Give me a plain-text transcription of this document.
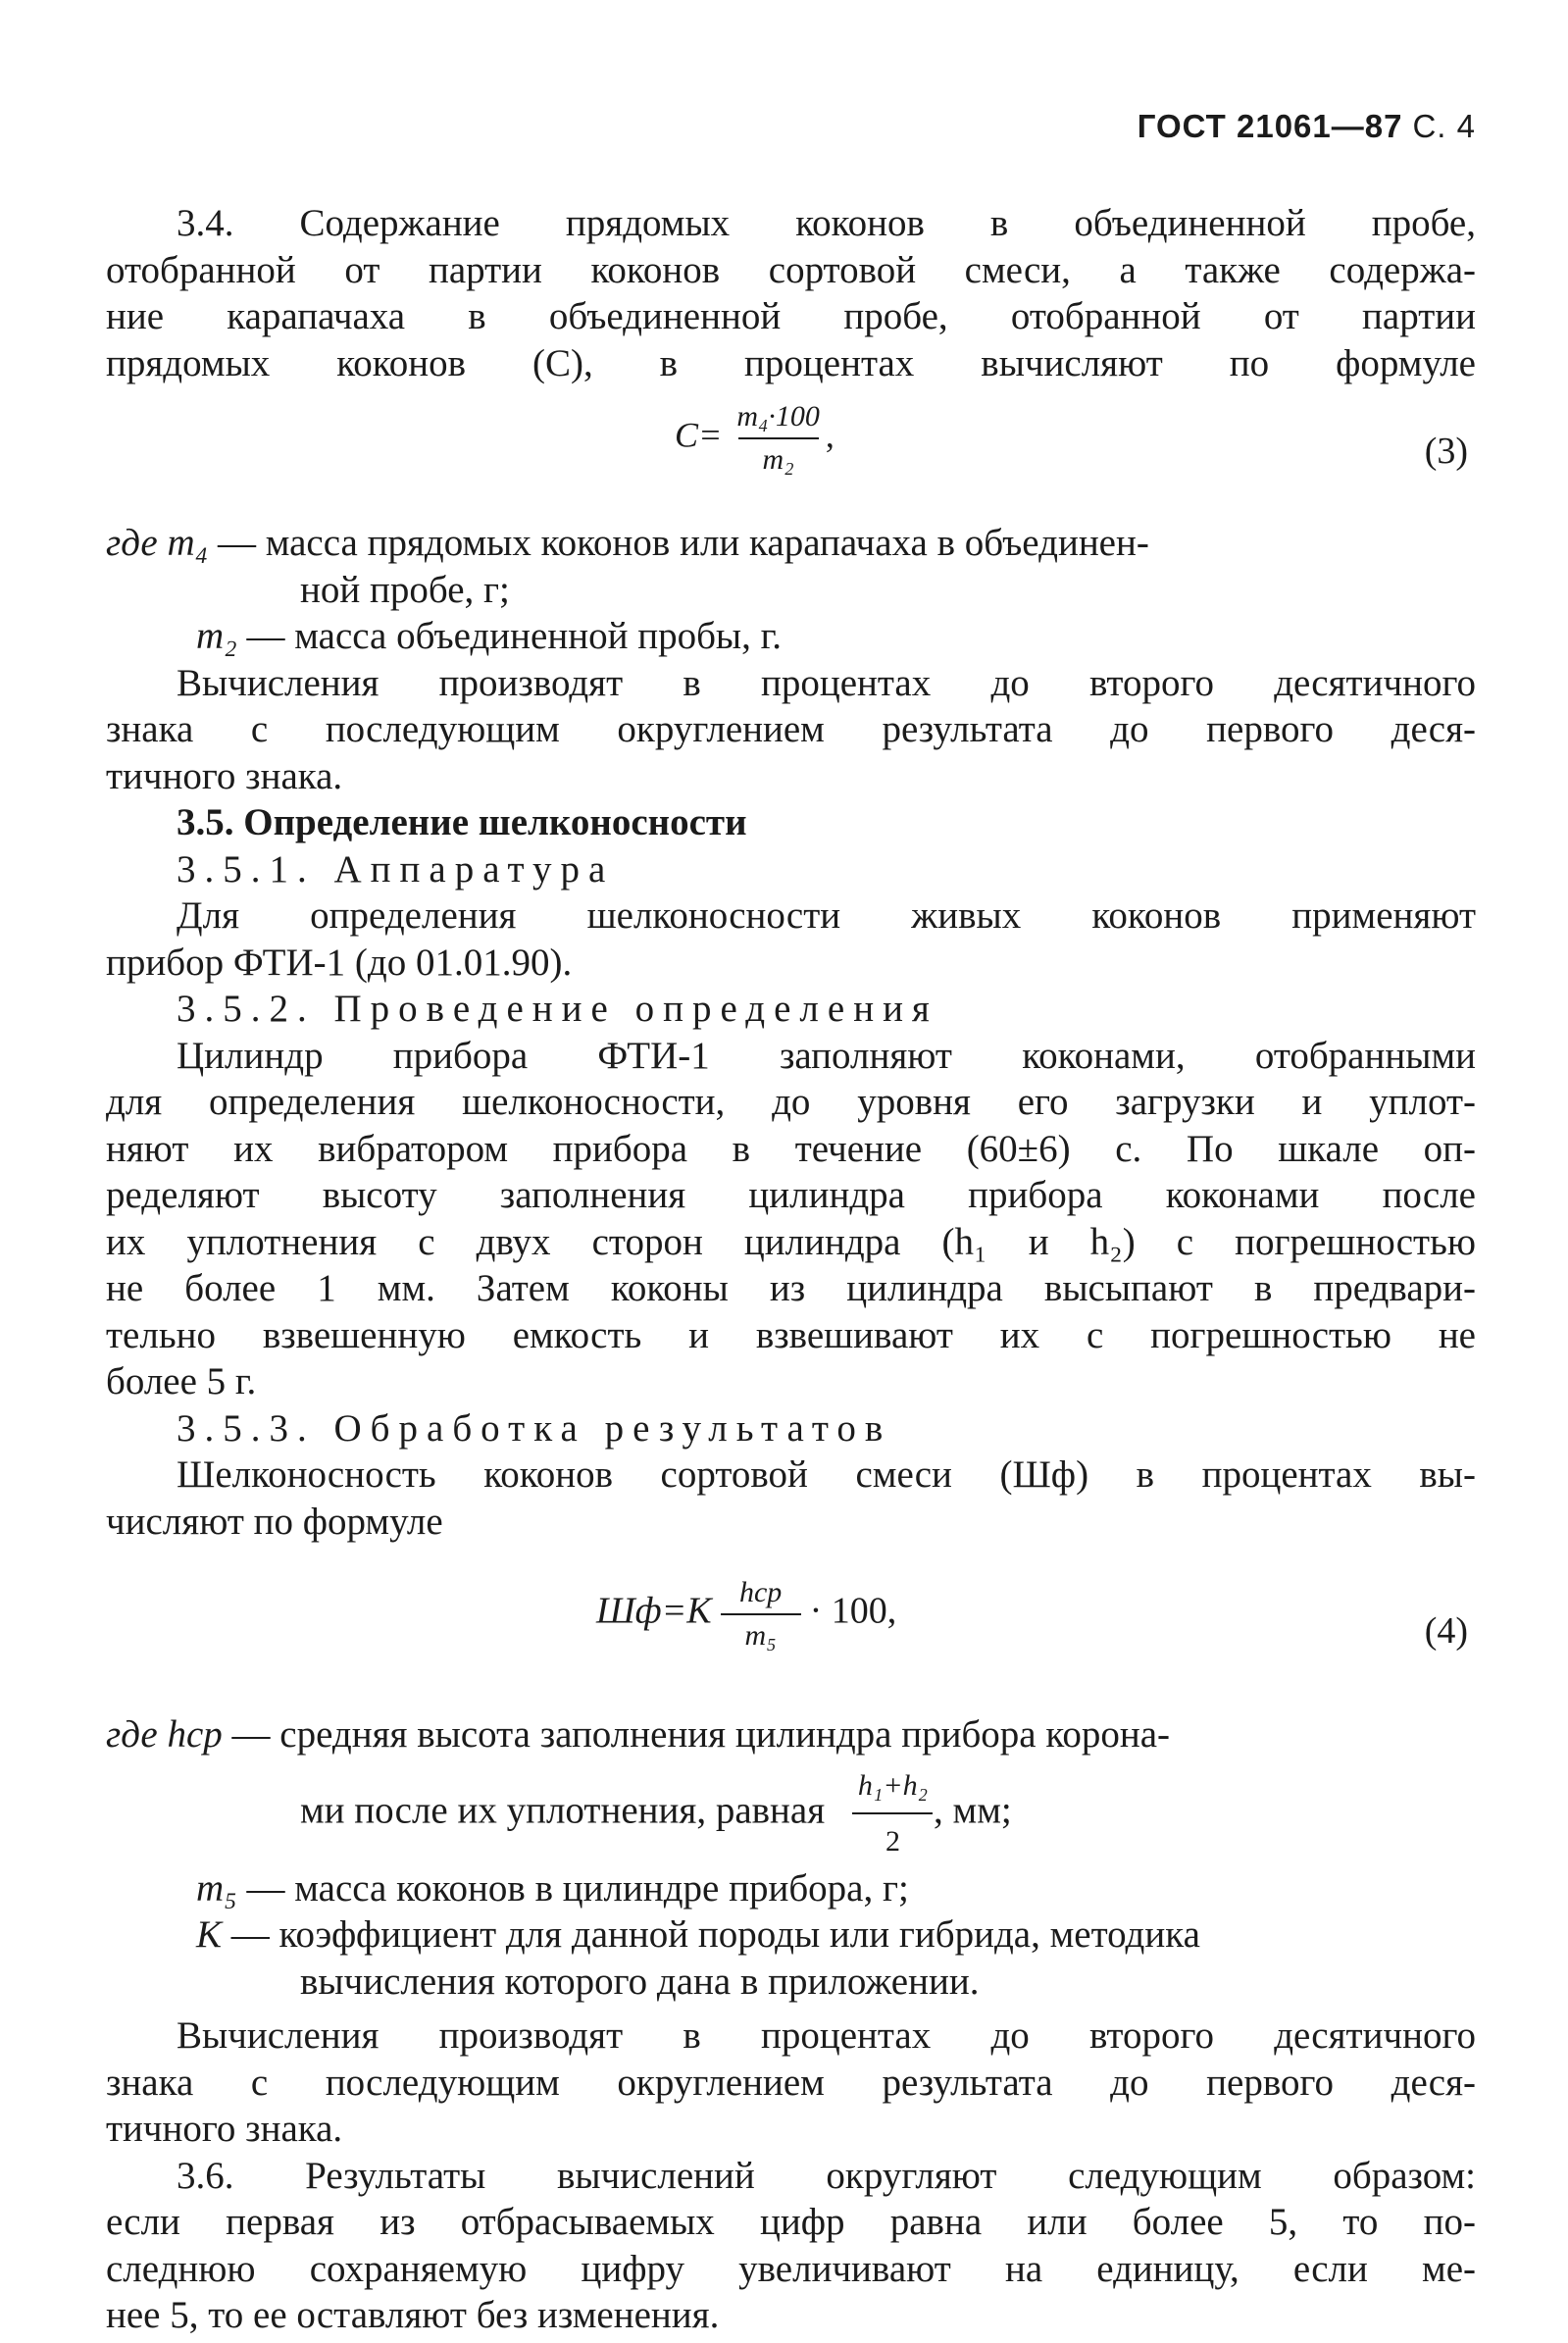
ГОСТ 21061—87 С. 4
3.4. Содержание прядомых коконов в объединенной пробе,
отобранной от партии коконов сортовой смеси, а также содержа-
ние карапачаха в объединенной пробе, отобранной от партии
прядомых коконов (C), в процентах вычисляют по формуле
$C= \frac{\text{m₄·100}}{\text{m₂}}$ ,	(3)
где m₄ — масса прядомых коконов или карапачаха в объединен-
ной пробе, г;
m₂ — масса объединенной пробы, г.
Вычисления производят в процентах до второго десятичного
знака с последующим округлением результата до первого деся-
тичного знака.
3.5. Определение шелконосности
3.5.1. Аппаратура
Для определения шелконосности живых коконов применяют
прибор ФТИ-1 (до 01.01.90).
3.5.2. Проведение определения
Цилиндр прибора ФТИ-1 заполняют коконами, отобранными
для определения шелконосности, до уровня его загрузки и уплот-
няют их вибратором прибора в течение (60±6) с. По шкале оп-
ределяют высоту заполнения цилиндра прибора коконами после
их уплотнения с двух сторон цилиндра (h₁ и h₂) с погрешностью
не более 1 мм. Затем коконы из цилиндра высыпают в предвари-
тельно взвешенную емкость и взвешивают их с погрешностью не
более 5 г.
3.5.3. Обработка результатов
Шелконосность коконов сортовой смеси (Шф) в процентах вы-
числяют по формуле
$Шф=K \frac{\text{hср}}{\text{m₅}} \cdot 100$,	(4)
где hср — средняя высота заполнения цилиндра прибора корона-
ми после их уплотнения, равная $\frac{\text{h₁+h₂}}{2}$ , мм;
m₅ — масса коконов в цилиндре прибора, г;
K — коэффициент для данной породы или гибрида, методика
вычисления которого дана в приложении.
Вычисления производят в процентах до второго десятичного
знака с последующим округлением результата до первого деся-
тичного знака.
3.6. Результаты вычислений округляют следующим образом:
если первая из отбрасываемых цифр равна или более 5, то по-
следнюю сохраняемую цифру увеличивают на единицу, если ме-
нее 5, то ее оставляют без изменения.
